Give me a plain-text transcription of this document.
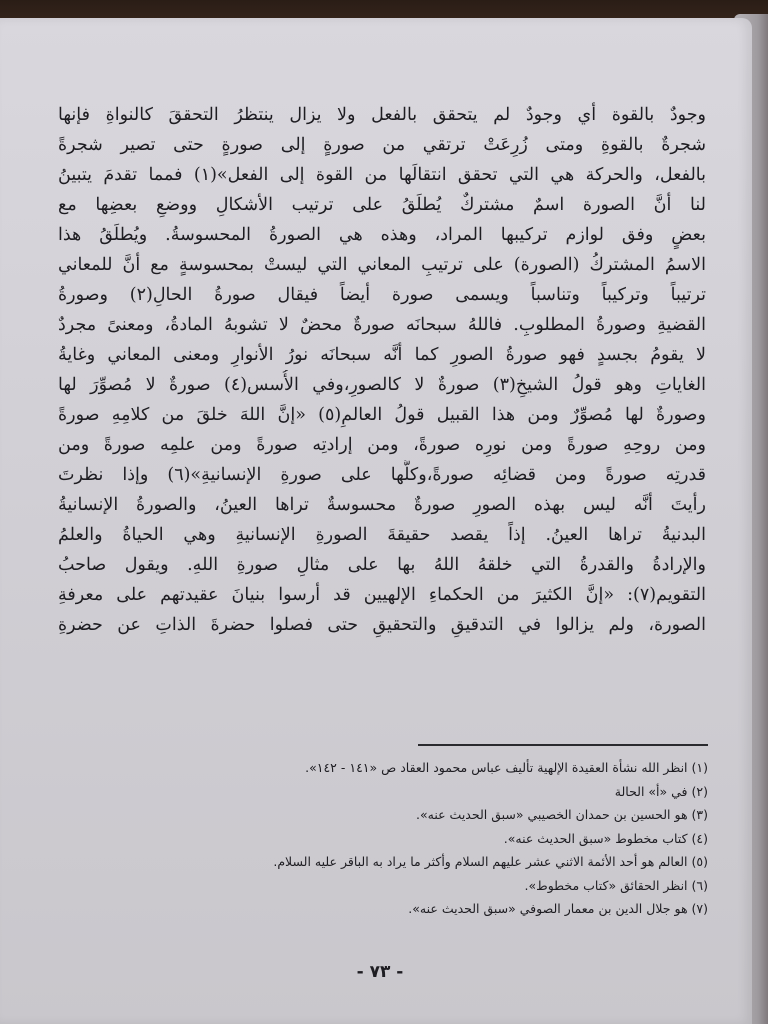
وجودٌ بالقوة أي وجودٌ لم يتحقق بالفعل ولا يزال ينتظرُ التحققَ كالنواةِ فإنها
شجرةٌ بالقوةِ ومتى زُرِعَتْ ترتقي من صورةٍ إلى صورةٍ حتى تصير شجرةً
بالفعل، والحركة هي التي تحقق انتقالَها من القوة إلى الفعل»(١) فمما تقدمَ يتبينُ
لنا أنَّ الصورة اسمٌ مشتركٌ يُطلَقُ على ترتيب الأشكالِ ووضعِ بعضِها مع
بعضٍ وفق لوازم تركيبها المراد، وهذه هي الصورةُ المحسوسةُ. ويُطلَقُ هذا
الاسمُ المشتركُ (الصورة) على ترتيبِ المعاني التي ليستْ بمحسوسةٍ مع أنَّ للمعاني
ترتيباً وتركيباً وتناسباً ويسمى صورة أيضاً فيقال صورةُ الحالِ(٢) وصورةُ
القضيةِ وصورةُ المطلوبِ. فاللهُ سبحانَه صورةٌ محضٌ لا تشوبهُ المادةُ، ومعنىً مجردٌ
لا يقومُ بجسدٍ فهو صورةُ الصورِ كما أنَّه سبحانَه نورُ الأنوارِ ومعنى المعاني وغايةُ
الغاياتِ وهو قولُ الشيخِ(٣) صورةٌ لا كالصورِ،وفي الأُسس(٤) صورةٌ لا مُصوِّرَ لها
وصورةٌ لها مُصوِّرٌ ومن هذا القبيل قولُ العالمِ(٥) «إنَّ اللهَ خلقَ من كلامِهِ صورةً
ومن روحِهِ صورةً ومن نورِه صورةً، ومن إرادتِه صورةً ومن علمِه صورةً ومن
قدرتِه صورةً ومن قضائِه صورةً،وكلُّها على صورةِ الإنسانيةِ»(٦) وإذا نظرتَ
رأيتَ أنَّه ليس بهذه الصورِ صورةٌ محسوسةٌ تراها العينُ، والصورةُ الإنسانيةُ
البدنيةُ تراها العينُ. إذاً يقصد حقيقةَ الصورةِ الإنسانيةِ وهي الحياةُ والعلمُ
والإرادةُ والقدرةُ التي خلقهُ اللهُ بها على مثالِ صورةِ اللهِ. ويقول صاحبُ
التقويم(٧): «إنَّ الكثيرَ من الحكماءِ الإلهيين قد أرسوا بنيانَ عقيدتهم على معرفةِ
الصورة، ولم يزالوا في التدقيقِ والتحقيقِ حتى فصلوا حضرةَ الذاتِ عن حضرةِ
(١) انظر الله نشأة العقيدة الإلهية تأليف عباس محمود العقاد ص «١٤١ - ١٤٢».
(٢) في «أ» الحالة
(٣) هو الحسين بن حمدان الخصيبي «سبق الحديث عنه».
(٤) كتاب مخطوط «سبق الحديث عنه».
(٥) العالم هو أحد الأئمة الاثني عشر عليهم السلام وأكثر ما يراد به الباقر عليه السلام.
(٦) انظر الحقائق «كتاب مخطوط».
(٧) هو جلال الدين بن معمار الصوفي «سبق الحديث عنه».
- ٧٣ -
